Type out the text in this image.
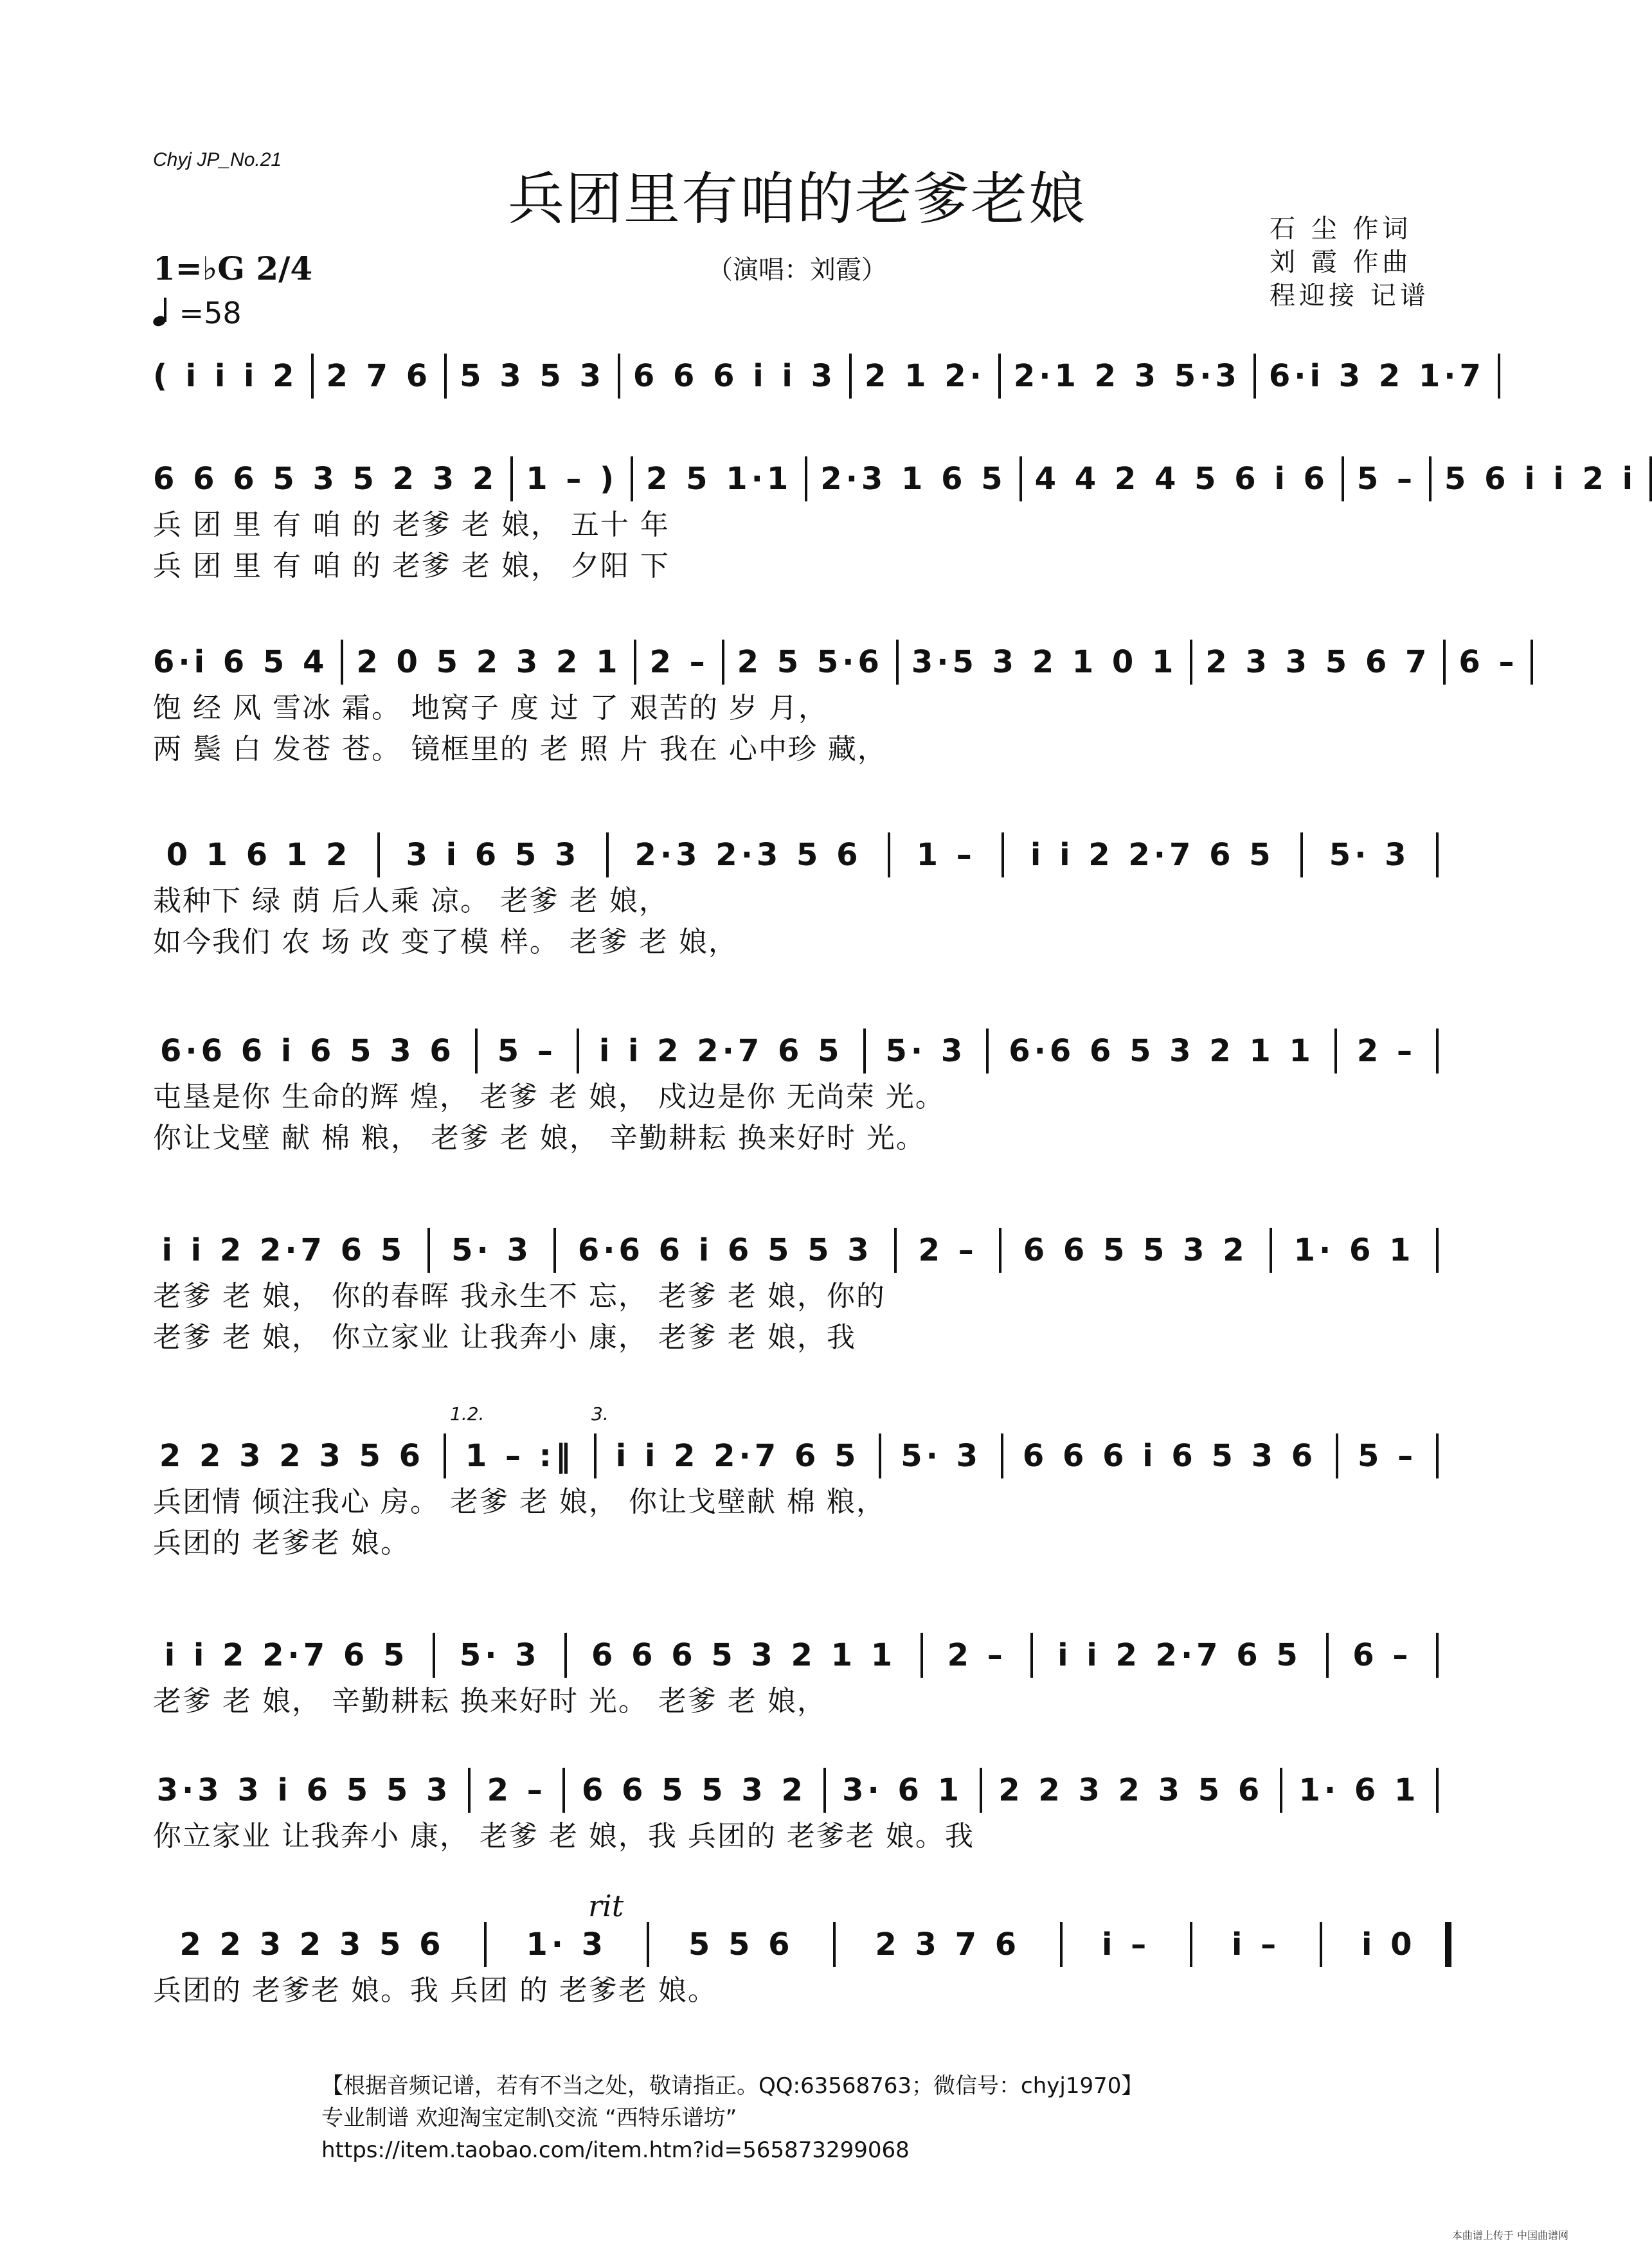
Chyj JP_No.21
兵团里有咱的老爹老娘
（演唱：刘霞）
石 尘 作词
刘 霞 作曲
程迎接 记谱
1=♭G 2/4
=58
( i i i 2 2 7 6 5 3 5 3 6 6 6 i i 3 2 1 2· 2·1 2 3 5·3 6·i 3 2 1·7
6 6 6 5 3 5 2 3 2 1 – ) 2 5 1·1 2·3 1 6 5 4 4 2 4 5 6 i 6 5 – 5 6 i i 2 i
兵 团 里 有 咱 的 老爹 老 娘， 五十 年
兵 团 里 有 咱 的 老爹 老 娘， 夕阳 下
6·i 6 5 4 2 0 5 2 3 2 1 2 – 2 5 5·6 3·5 3 2 1 0 1 2 3 3 5 6 7 6 –
饱 经 风 雪冰 霜。 地窝子 度 过 了 艰苦的 岁 月，
两 鬓 白 发苍 苍。 镜框里的 老 照 片 我在 心中珍 藏，
0 1 6 1 2	3 i 6 5 3	2·3 2·3 5 6	1 –	i i 2 2·7 6 5	5· 3
栽种下 绿 荫 后人乘 凉。 老爹 老 娘，
如今我们 农 场 改 变了模 样。 老爹 老 娘，
6·6 6 i 6 5 3 6 5 – i i 2 2·7 6 5 5· 3 6·6 6 5 3 2 1 1 2 –
屯垦是你 生命的辉 煌， 老爹 老 娘， 戍边是你 无尚荣 光。
你让戈壁 献 棉 粮， 老爹 老 娘， 辛勤耕耘 换来好时 光。
i i 2 2·7 6 5 5· 3 6·6 6 i 6 5 5 3 2 – 6 6 5 5 3 2 1· 6 1
老爹 老 娘， 你的春晖 我永生不 忘， 老爹 老 娘，你的
老爹 老 娘， 你立家业 让我奔小 康， 老爹 老 娘，我
2 2 3 2 3 5 6 1 – :‖ i i 2 2·7 6 5 5· 3 6 6 6 i 6 5 3 6 5 –
兵团情 倾注我心 房。 老爹 老 娘， 你让戈壁献 棉 粮，
兵团的 老爹老 娘。
i i 2 2·7 6 5	5· 3	6 6 6 5 3 2 1 1	2 –	i i 2 2·7 6 5	6 –
老爹 老 娘， 辛勤耕耘 换来好时 光。 老爹 老 娘，
3·3 3 i 6 5 5 3 2 – 6 6 5 5 3 2 3· 6 1 2 2 3 2 3 5 6 1· 6 1
你立家业 让我奔小 康， 老爹 老 娘，我 兵团的 老爹老 娘。我
2 2 3 2 3 5 6	1· 3	5 5 6	2 3 7 6	i –	i –	i 0
兵团的 老爹老 娘。我 兵团 的 老爹老 娘。
1.2.	3.
rit
【根据音频记谱，若有不当之处，敬请指正。QQ:63568763；微信号：chyj1970】
专业制谱 欢迎淘宝定制\交流 “西特乐谱坊”
https://item.taobao.com/item.htm?id=565873299068
本曲谱上传于 中国曲谱网
